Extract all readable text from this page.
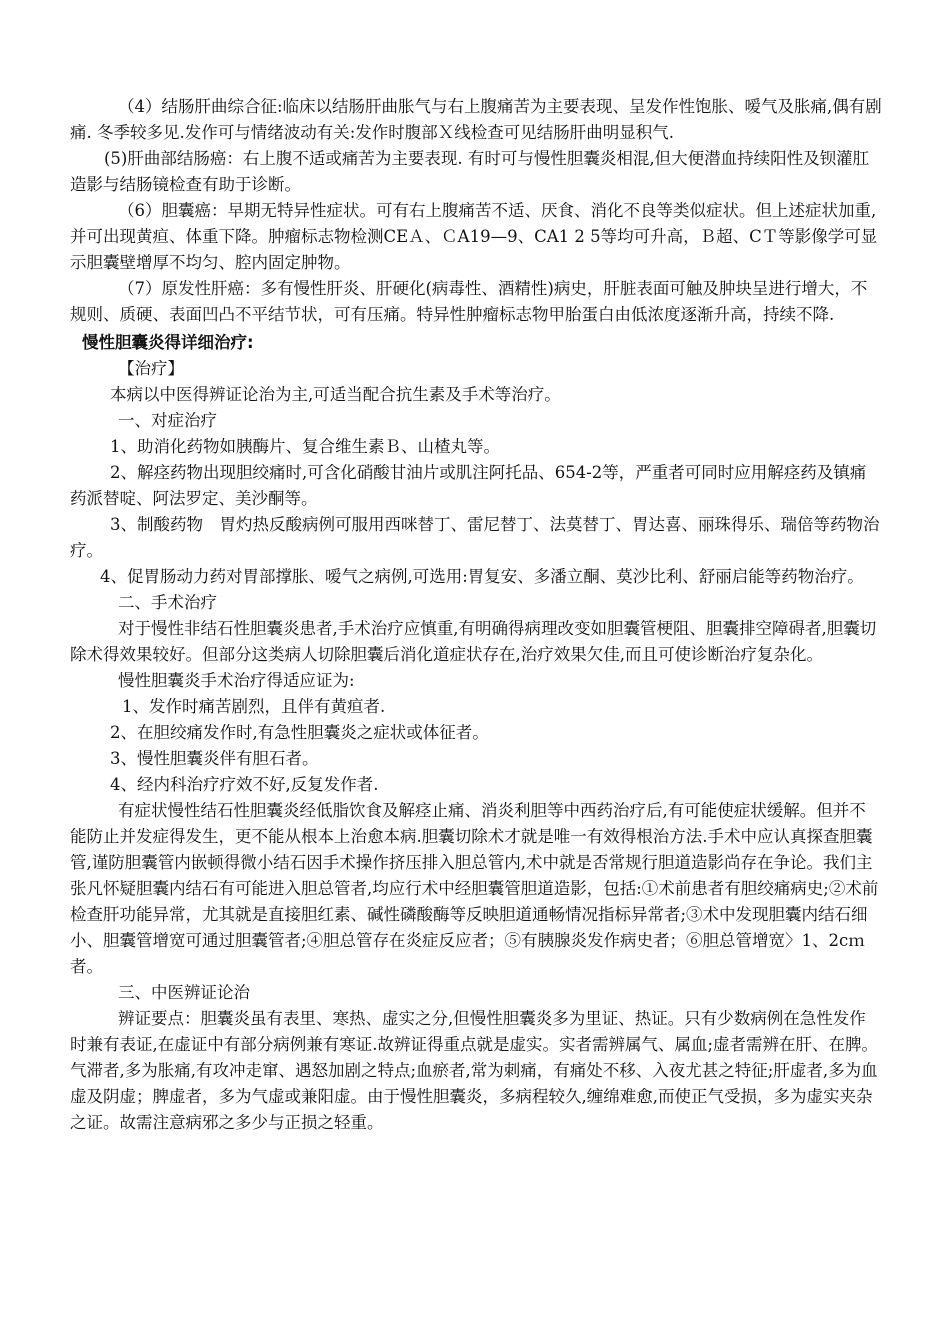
（4）结肠肝曲综合征:临床以结肠肝曲胀气与右上腹痛苦为主要表现、呈发作性饱胀、嗳气及胀痛,偶有剧痛. 冬季较多见.发作可与情绪波动有关:发作时腹部Ｘ线检查可见结肠肝曲明显积气.

(5)肝曲部结肠癌：右上腹不适或痛苦为主要表现. 有时可与慢性胆囊炎相混,但大便潜血持续阳性及钡灌肛造影与结肠镜检查有助于诊断。

（6）胆囊癌：早期无特异性症状。可有右上腹痛苦不适、厌食、消化不良等类似症状。但上述症状加重,并可出现黄疸、体重下降。肿瘤标志物检测CEＡ、ＣA19—9、CA1 2 5等均可升高，Ｂ超、CＴ等影像学可显示胆囊壁增厚不均匀、腔内固定肿物。

（7）原发性肝癌：多有慢性肝炎、肝硬化(病毒性、酒精性)病史，肝脏表面可触及肿块呈进行增大，不规则、质硬、表面凹凸不平结节状，可有压痛。特异性肿瘤标志物甲胎蛋白由低浓度逐渐升高，持续不降.

慢性胆囊炎得详细治疗:

【治疗】

本病以中医得辨证论治为主,可适当配合抗生素及手术等治疗。

一、对症治疗

1、助消化药物如胰酶片、复合维生素Ｂ、山楂丸等。

2、解痉药物出现胆绞痛时,可含化硝酸甘油片或肌注阿托品、654-2等，严重者可同时应用解痉药及镇痛药派替啶、阿法罗定、美沙酮等。

3、制酸药物　胃灼热反酸病例可服用西咪替丁、雷尼替丁、法莫替丁、胃达喜、丽珠得乐、瑞倍等药物治疗。

4、促胃肠动力药对胃部撑胀、嗳气之病例,可选用:胃复安、多潘立酮、莫沙比利、舒丽启能等药物治疗。

二、手术治疗

对于慢性非结石性胆囊炎患者,手术治疗应慎重,有明确得病理改变如胆囊管梗阻、胆囊排空障碍者,胆囊切除术得效果较好。但部分这类病人切除胆囊后消化道症状存在,治疗效果欠佳,而且可使诊断治疗复杂化。

慢性胆囊炎手术治疗得适应证为:

1、发作时痛苦剧烈，且伴有黄疸者.

2、在胆绞痛发作时,有急性胆囊炎之症状或体征者。

3、慢性胆囊炎伴有胆石者。

4、经内科治疗疗效不好,反复发作者.

有症状慢性结石性胆囊炎经低脂饮食及解痉止痛、消炎利胆等中西药治疗后,有可能使症状缓解。但并不能防止并发症得发生，更不能从根本上治愈本病.胆囊切除术才就是唯一有效得根治方法.手术中应认真探查胆囊管,谨防胆囊管内嵌顿得微小结石因手术操作挤压排入胆总管内,术中就是否常规行胆道造影尚存在争论。我们主张凡怀疑胆囊内结石有可能进入胆总管者,均应行术中经胆囊管胆道造影，包括:①术前患者有胆绞痛病史;②术前检查肝功能异常，尤其就是直接胆红素、碱性磷酸酶等反映胆道通畅情况指标异常者;③术中发现胆囊内结石细小、胆囊管增宽可通过胆囊管者;④胆总管存在炎症反应者；⑤有胰腺炎发作病史者；⑥胆总管增宽〉1、2cｍ者。

三、中医辨证论治

辨证要点：胆囊炎虽有表里、寒热、虚实之分,但慢性胆囊炎多为里证、热证。只有少数病例在急性发作时兼有表证,在虚证中有部分病例兼有寒证.故辨证得重点就是虚实。实者需辨属气、属血;虚者需辨在肝、在脾。气滞者,多为胀痛,有攻冲走窜、遇怒加剧之特点;血瘀者,常为刺痛，有痛处不移、入夜尤甚之特征;肝虚者,多为血虚及阴虚；脾虚者，多为气虚或兼阳虚。由于慢性胆囊炎，多病程较久,缠绵难愈,而使正气受损，多为虚实夹杂之证。故需注意病邪之多少与正损之轻重。
